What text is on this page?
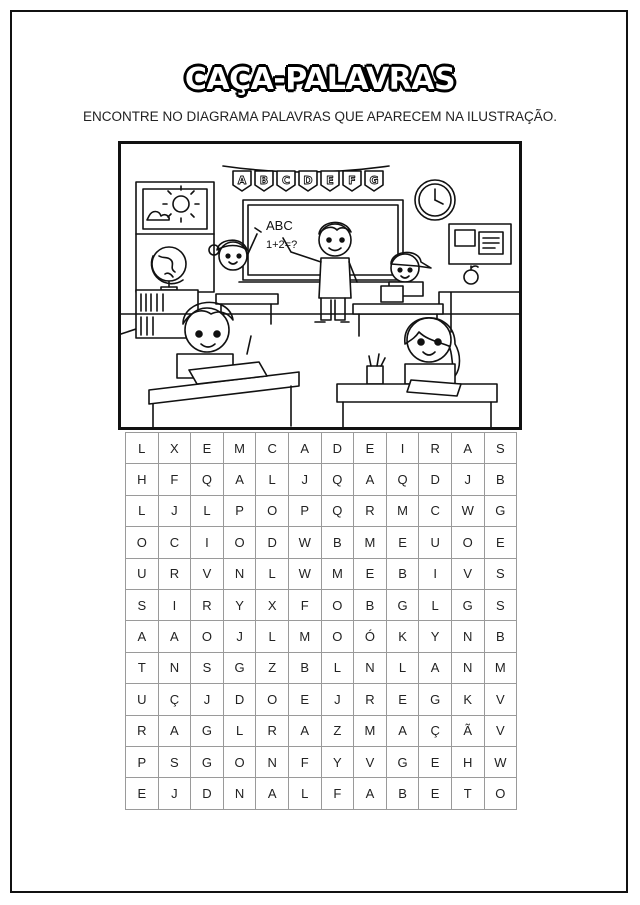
CAÇA-PALAVRAS
ENCONTRE NO DIAGRAMA PALAVRAS QUE APARECEM NA ILUSTRAÇÃO.
A B C D E F G
ABC
1+2=?
L	X	E	M	C	A	D	E	I	R	A	S
H	F	Q	A	L	J	Q	A	Q	D	J	B
L	J	L	P	O	P	Q	R	M	C	W	G
O	C	I	O	D	W	B	M	E	U	O	E
U	R	V	N	L	W	M	E	B	I	V	S
S	I	R	Y	X	F	O	B	G	L	G	S
A	A	O	J	L	M	O	Ó	K	Y	N	B
T	N	S	G	Z	B	L	N	L	A	N	M
U	Ç	J	D	O	E	J	R	E	G	K	V
R	A	G	L	R	A	Z	M	A	Ç	Ã	V
P	S	G	O	N	F	Y	V	G	E	H	W
E	J	D	N	A	L	F	A	B	E	T	O
